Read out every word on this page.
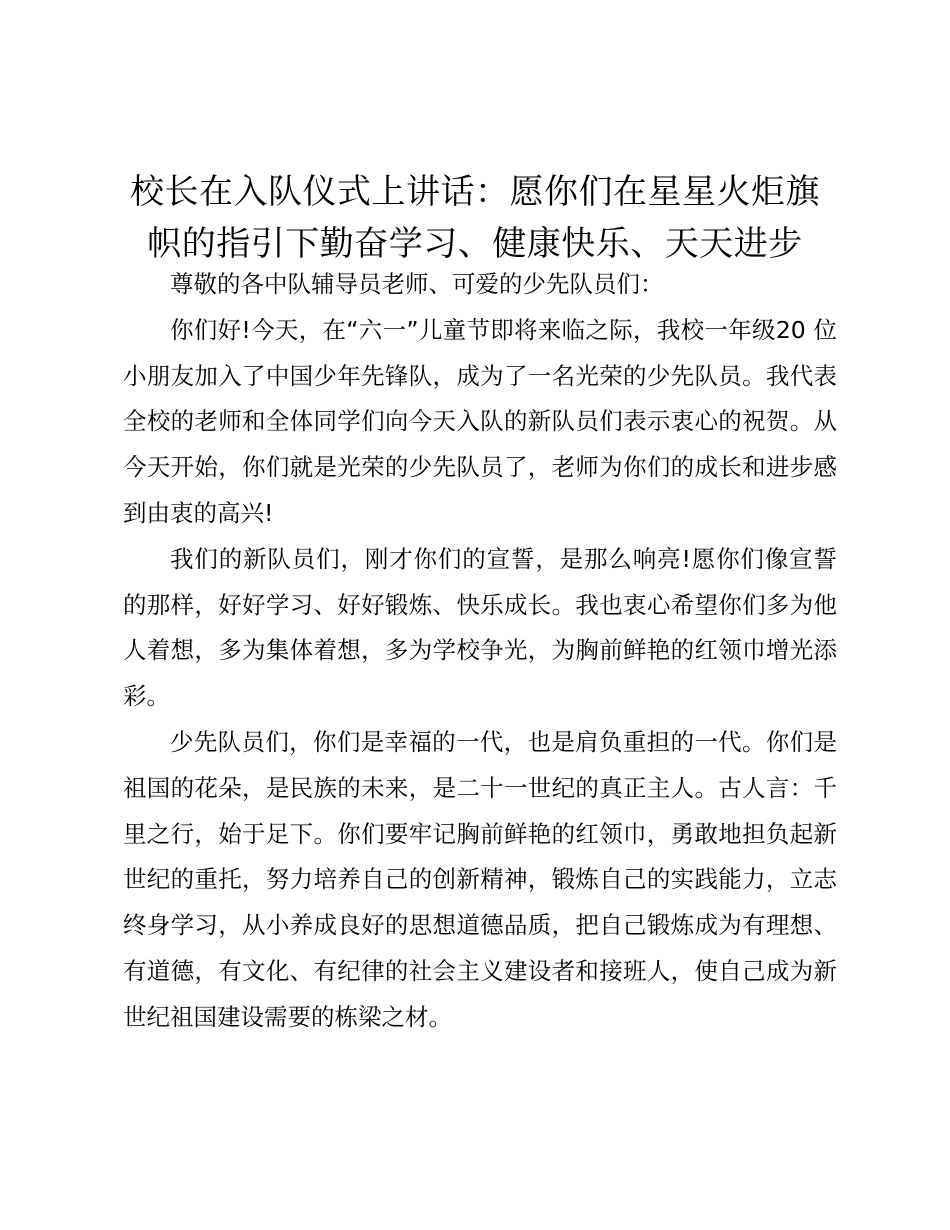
校长在入队仪式上讲话：愿你们在星星火炬旗
帜的指引下勤奋学习、健康快乐、天天进步

尊敬的各中队辅导员老师、可爱的少先队员们：

你们好!今天，在“六一”儿童节即将来临之际，我校一年级20 位小朋友加入了中国少年先锋队，成为了一名光荣的少先队员。我代表全校的老师和全体同学们向今天入队的新队员们表示衷心的祝贺。从今天开始，你们就是光荣的少先队员了，老师为你们的成长和进步感到由衷的高兴!

我们的新队员们，刚才你们的宣誓，是那么响亮!愿你们像宣誓的那样，好好学习、好好锻炼、快乐成长。我也衷心希望你们多为他人着想，多为集体着想，多为学校争光，为胸前鲜艳的红领巾增光添彩。

少先队员们，你们是幸福的一代，也是肩负重担的一代。你们是祖国的花朵，是民族的未来，是二十一世纪的真正主人。古人言：千里之行，始于足下。你们要牢记胸前鲜艳的红领巾，勇敢地担负起新世纪的重托，努力培养自己的创新精神，锻炼自己的实践能力，立志终身学习，从小养成良好的思想道德品质，把自己锻炼成为有理想、有道德，有文化、有纪律的社会主义建设者和接班人，使自己成为新世纪祖国建设需要的栋梁之材。
